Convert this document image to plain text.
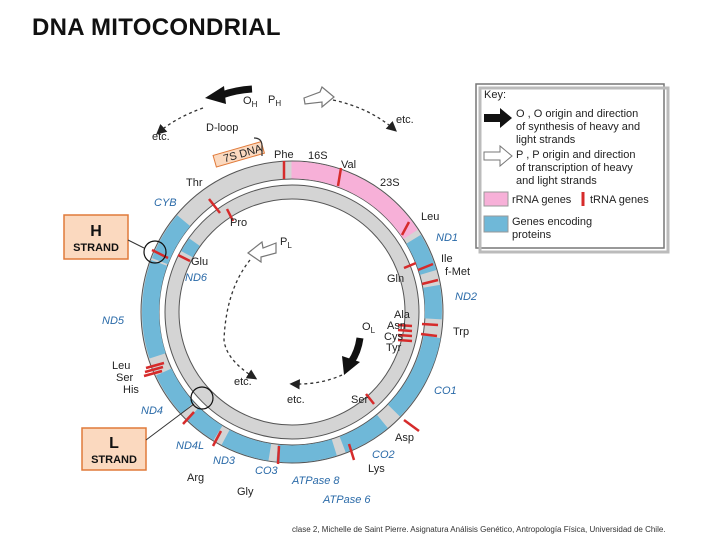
DNA MITOCONDRIAL
7S DNA
Key:
O , O origin and direction
of synthesis of heavy and
light strands
P , P origin and direction
of transcription of heavy
and light strands
rRNA genes tRNA genes
Genes encoding
proteins
H
STRAND
L
STRAND
$O_H$ $P_H$
$P_L$
$O_L$
D-loop
etc.
etc.
etc.
etc.
Phe 16S
Val
23S
Leu
ND1
Ile
f-Met
ND2
Trp
CO1
Asp
CO2
Lys
ATPase 8
ATPase 6
Gly
CO3
ND3
Arg
ND4L
ND4
His
Ser
Leu
ND5
CYB
Thr
Pro
Glu
ND6	Gln
Ala
Asn
Cys
Tyr
Ser
clase 2, Michelle de Saint Pierre. Asignatura Análisis Genético, Antropología Física, Universidad de Chile.
